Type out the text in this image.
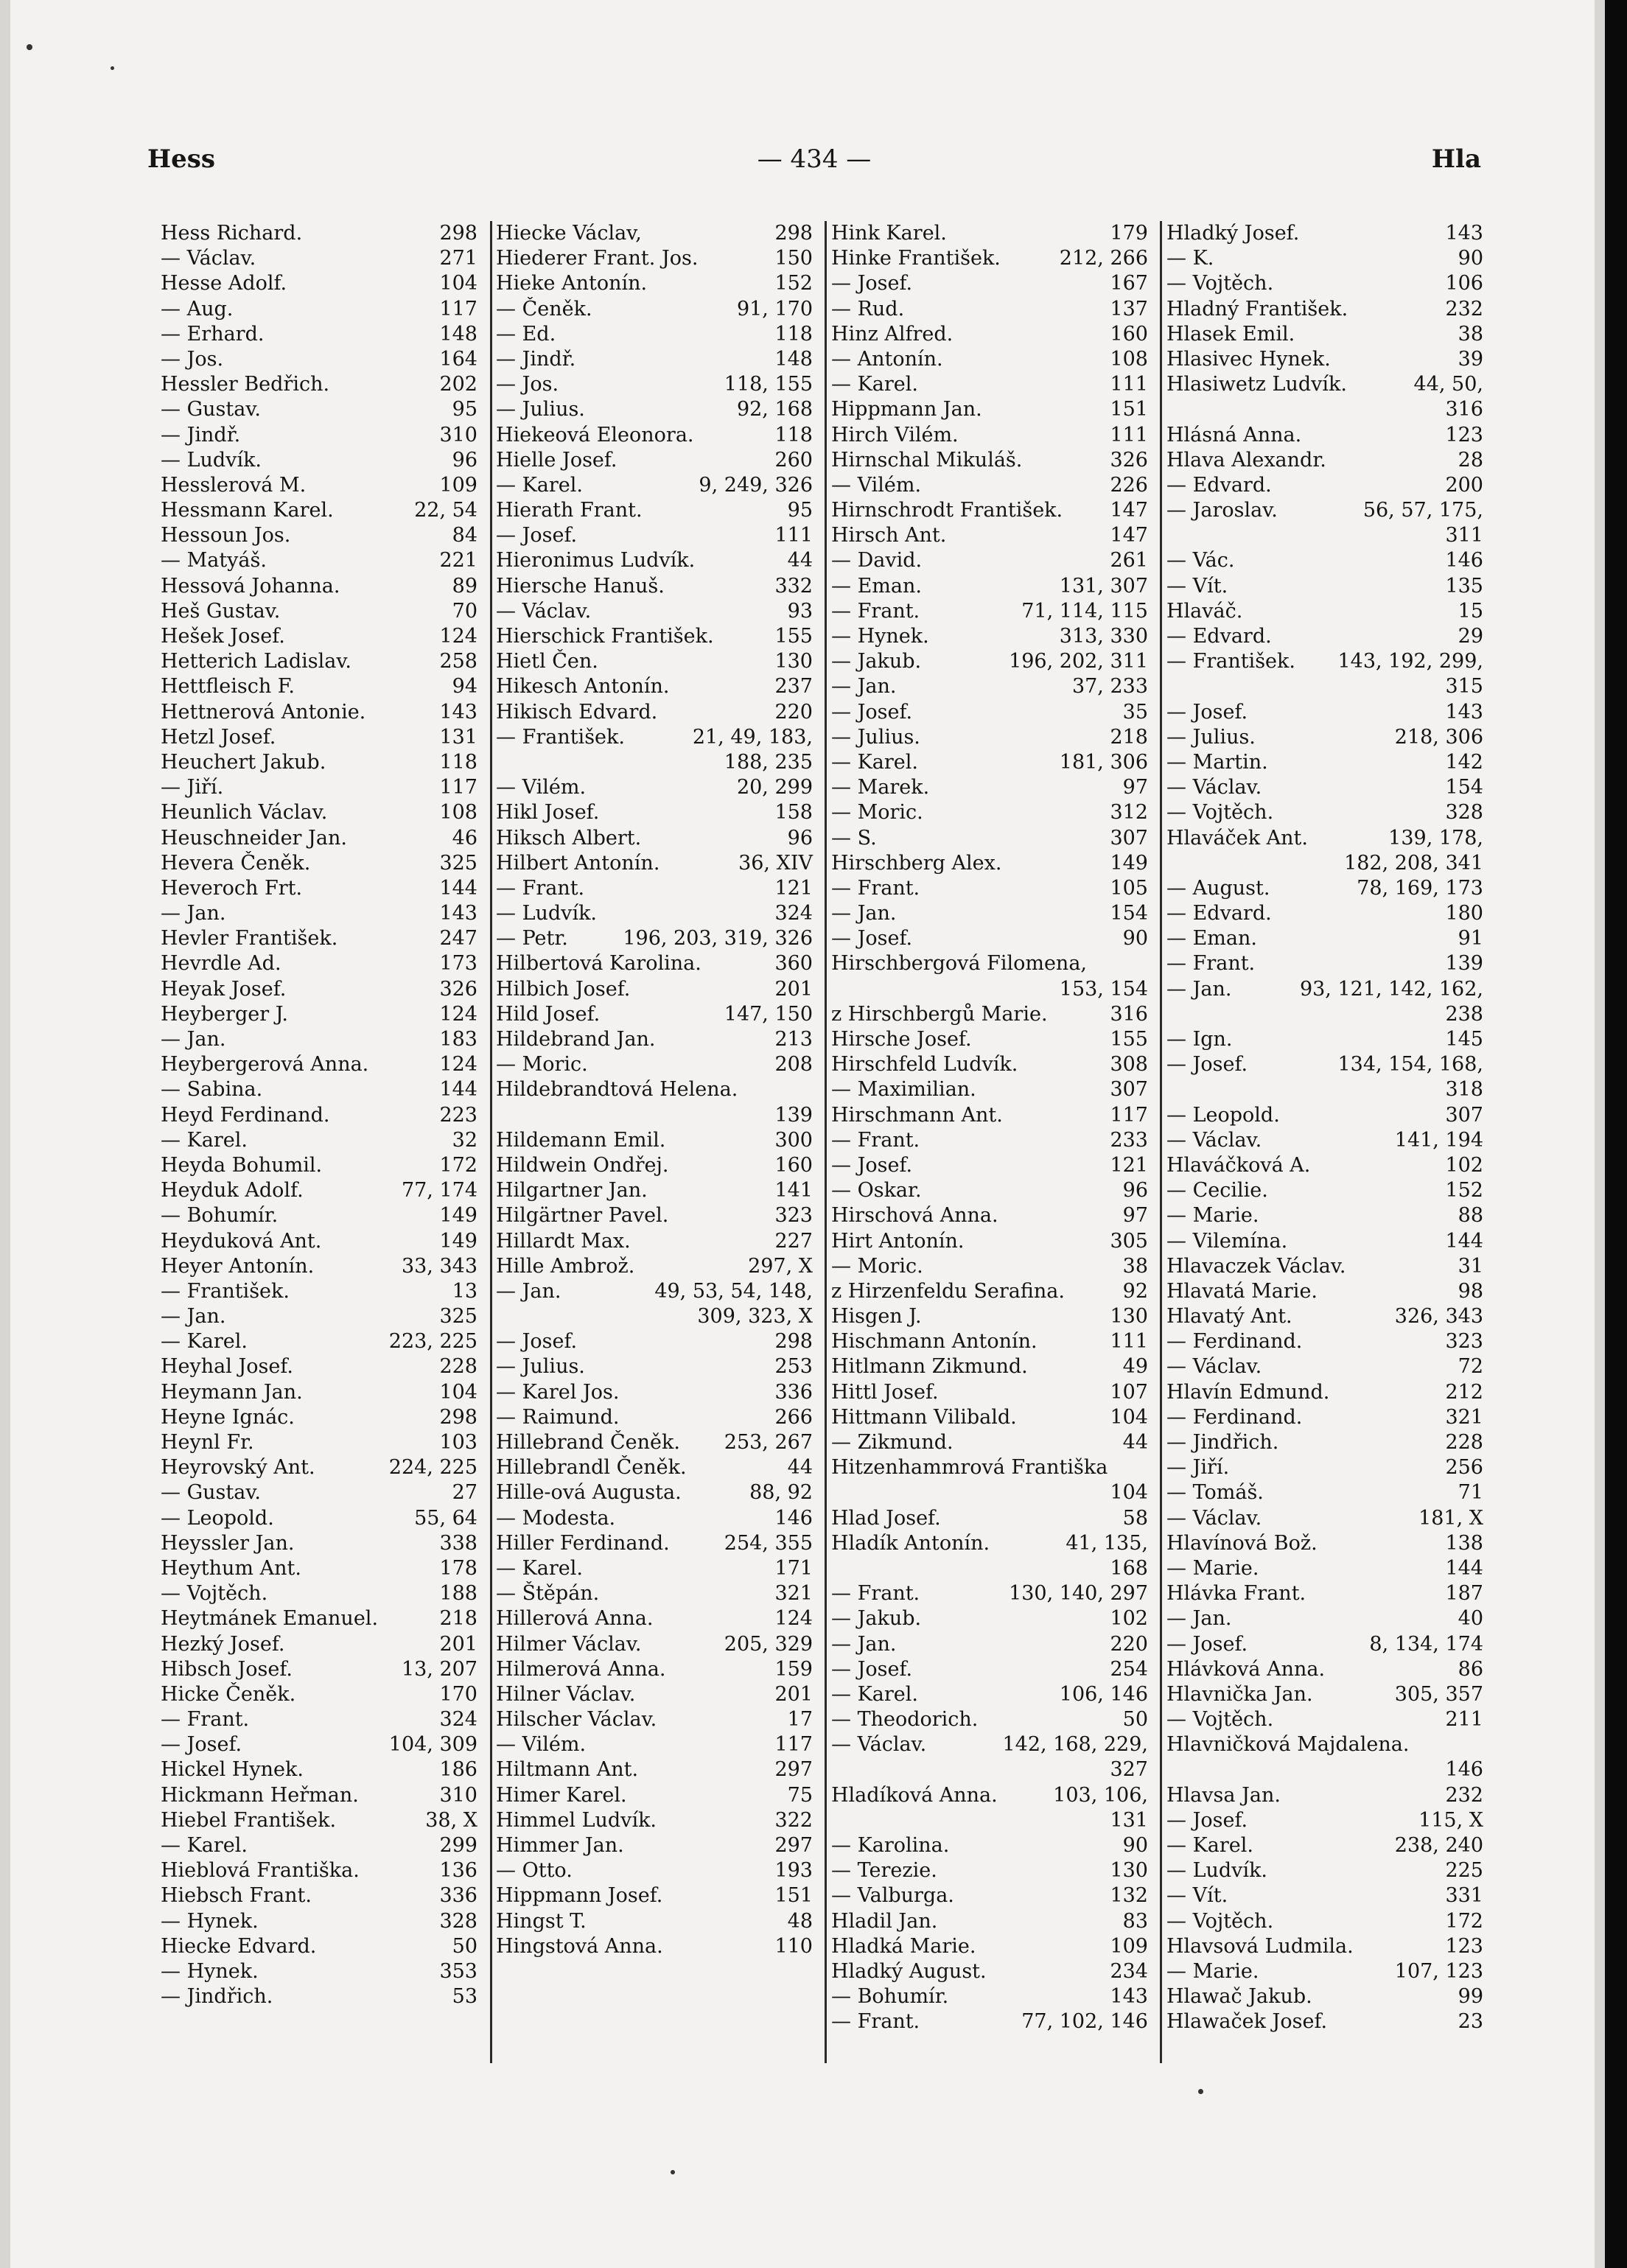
Hess	— 434 —	Hla
Hess Richard.	298
— Václav.	271
Hesse Adolf.	104
— Aug.	117
— Erhard.	148
— Jos.	164
Hessler Bedřich.	202
— Gustav.	95
— Jindř.	310
— Ludvík.	96
Hesslerová M.	109
Hessmann Karel.	22, 54
Hessoun Jos.	84
— Matyáš.	221
Hessová Johanna.	89
Heš Gustav.	70
Hešek Josef.	124
Hetterich Ladislav.	258
Hettfleisch F.	94
Hettnerová Antonie.	143
Hetzl Josef.	131
Heuchert Jakub.	118
— Jiří.	117
Heunlich Václav.	108
Heuschneider Jan.	46
Hevera Čeněk.	325
Heveroch Frt.	144
— Jan.	143
Hevler František.	247
Hevrdle Ad.	173
Heyak Josef.	326
Heyberger J.	124
— Jan.	183
Heybergerová Anna.	124
— Sabina.	144
Heyd Ferdinand.	223
— Karel.	32
Heyda Bohumil.	172
Heyduk Adolf.	77, 174
— Bohumír.	149
Heyduková Ant.	149
Heyer Antonín.	33, 343
— František.	13
— Jan.	325
— Karel.	223, 225
Heyhal Josef.	228
Heymann Jan.	104
Heyne Ignác.	298
Heynl Fr.	103
Heyrovský Ant.	224, 225
— Gustav.	27
— Leopold.	55, 64
Heyssler Jan.	338
Heythum Ant.	178
— Vojtěch.	188
Heytmánek Emanuel.	218
Hezký Josef.	201
Hibsch Josef.	13, 207
Hicke Čeněk.	170
— Frant.	324
— Josef.	104, 309
Hickel Hynek.	186
Hickmann Heřman.	310
Hiebel František.	38, X
— Karel.	299
Hieblová Františka.	136
Hiebsch Frant.	336
— Hynek.	328
Hiecke Edvard.	50
— Hynek.	353
— Jindřich.	53
Hiecke Václav,	298
Hiederer Frant. Jos.	150
Hieke Antonín.	152
— Čeněk.	91, 170
— Ed.	118
— Jindř.	148
— Jos.	118, 155
— Julius.	92, 168
Hiekeová Eleonora.	118
Hielle Josef.	260
— Karel.	9, 249, 326
Hierath Frant.	95
— Josef.	111
Hieronimus Ludvík.	44
Hiersche Hanuš.	332
— Václav.	93
Hierschick František.	155
Hietl Čen.	130
Hikesch Antonín.	237
Hikisch Edvard.	220
— František.	21, 49, 183,
188, 235
— Vilém.	20, 299
Hikl Josef.	158
Hiksch Albert.	96
Hilbert Antonín.	36, XIV
— Frant.	121
— Ludvík.	324
— Petr.	196, 203, 319, 326
Hilbertová Karolina.	360
Hilbich Josef.	201
Hild Josef.	147, 150
Hildebrand Jan.	213
— Moric.	208
Hildebrandtová Helena.
139
Hildemann Emil.	300
Hildwein Ondřej.	160
Hilgartner Jan.	141
Hilgärtner Pavel.	323
Hillardt Max.	227
Hille Ambrož.	297, X
— Jan.	49, 53, 54, 148,
309, 323, X
— Josef.	298
— Julius.	253
— Karel Jos.	336
— Raimund.	266
Hillebrand Čeněk. 253, 267
Hillebrandl Čeněk.	44
Hille-ová Augusta.	88, 92
— Modesta.	146
Hiller Ferdinand.	254, 355
— Karel.	171
— Štěpán.	321
Hillerová Anna.	124
Hilmer Václav.	205, 329
Hilmerová Anna.	159
Hilner Václav.	201
Hilscher Václav.	17
— Vilém.	117
Hiltmann Ant.	297
Himer Karel.	75
Himmel Ludvík.	322
Himmer Jan.	297
— Otto.	193
Hippmann Josef.	151
Hingst T.	48
Hingstová Anna.	110
Hink Karel.	179
Hinke František.	212, 266
— Josef.	167
— Rud.	137
Hinz Alfred.	160
— Antonín.	108
— Karel.	111
Hippmann Jan.	151
Hirch Vilém.	111
Hirnschal Mikuláš.	326
— Vilém.	226
Hirnschrodt František. 147
Hirsch Ant.	147
— David.	261
— Eman.	131, 307
— Frant.	71, 114, 115
— Hynek.	313, 330
— Jakub.	196, 202, 311
— Jan.	37, 233
— Josef.	35
— Julius.	218
— Karel.	181, 306
— Marek.	97
— Moric.	312
— S.	307
Hirschberg Alex.	149
— Frant.	105
— Jan.	154
— Josef.	90
Hirschbergová Filomena,
153, 154
z Hirschbergů Marie.	316
Hirsche Josef.	155
Hirschfeld Ludvík.	308
— Maximilian.	307
Hirschmann Ant.	117
— Frant.	233
— Josef.	121
— Oskar.	96
Hirschová Anna.	97
Hirt Antonín.	305
— Moric.	38
z Hirzenfeldu Serafina.	92
Hisgen J.	130
Hischmann Antonín.	111
Hitlmann Zikmund.	49
Hittl Josef.	107
Hittmann Vilibald.	104
— Zikmund.	44
Hitzenhammrová Františka
104
Hlad Josef.	58
Hladík Antonín.	41, 135,
168
— Frant.	130, 140, 297
— Jakub.	102
— Jan.	220
— Josef.	254
— Karel.	106, 146
— Theodorich.	50
— Václav.	142, 168, 229,
327
Hladíková Anna.	103, 106,
131
— Karolina.	90
— Terezie.	130
— Valburga.	132
Hladil Jan.	83
Hladká Marie.	109
Hladký August.	234
— Bohumír.	143
— Frant.	77, 102, 146
Hladký Josef.	143
— K.	90
— Vojtěch.	106
Hladný František.	232
Hlasek Emil.	38
Hlasivec Hynek.	39
Hlasiwetz Ludvík.	44, 50,
316
Hlásná Anna.	123
Hlava Alexandr.	28
— Edvard.	200
— Jaroslav.	56, 57, 175,
311
— Vác.	146
— Vít.	135
Hlaváč.	15
— Edvard.	29
— František. 143, 192, 299,
315
— Josef.	143
— Julius.	218, 306
— Martin.	142
— Václav.	154
— Vojtěch.	328
Hlaváček Ant.	139, 178,
182, 208, 341
— August.	78, 169, 173
— Edvard.	180
— Eman.	91
— Frant.	139
— Jan.	93, 121, 142, 162,
238
— Ign.	145
— Josef.	134, 154, 168,
318
— Leopold.	307
— Václav.	141, 194
Hlaváčková A.	102
— Cecilie.	152
— Marie.	88
— Vilemína.	144
Hlavaczek Václav.	31
Hlavatá Marie.	98
Hlavatý Ant.	326, 343
— Ferdinand.	323
— Václav.	72
Hlavín Edmund.	212
— Ferdinand.	321
— Jindřich.	228
— Jiří.	256
— Tomáš.	71
— Václav.	181, X
Hlavínová Bož.	138
— Marie.	144
Hlávka Frant.	187
— Jan.	40
— Josef.	8, 134, 174
Hlávková Anna.	86
Hlavnička Jan.	305, 357
— Vojtěch.	211
Hlavničková Majdalena.
146
Hlavsa Jan.	232
— Josef.	115, X
— Karel.	238, 240
— Ludvík.	225
— Vít.	331
— Vojtěch.	172
Hlavsová Ludmila.	123
— Marie.	107, 123
Hlawač Jakub.	99
Hlawaček Josef.	23
